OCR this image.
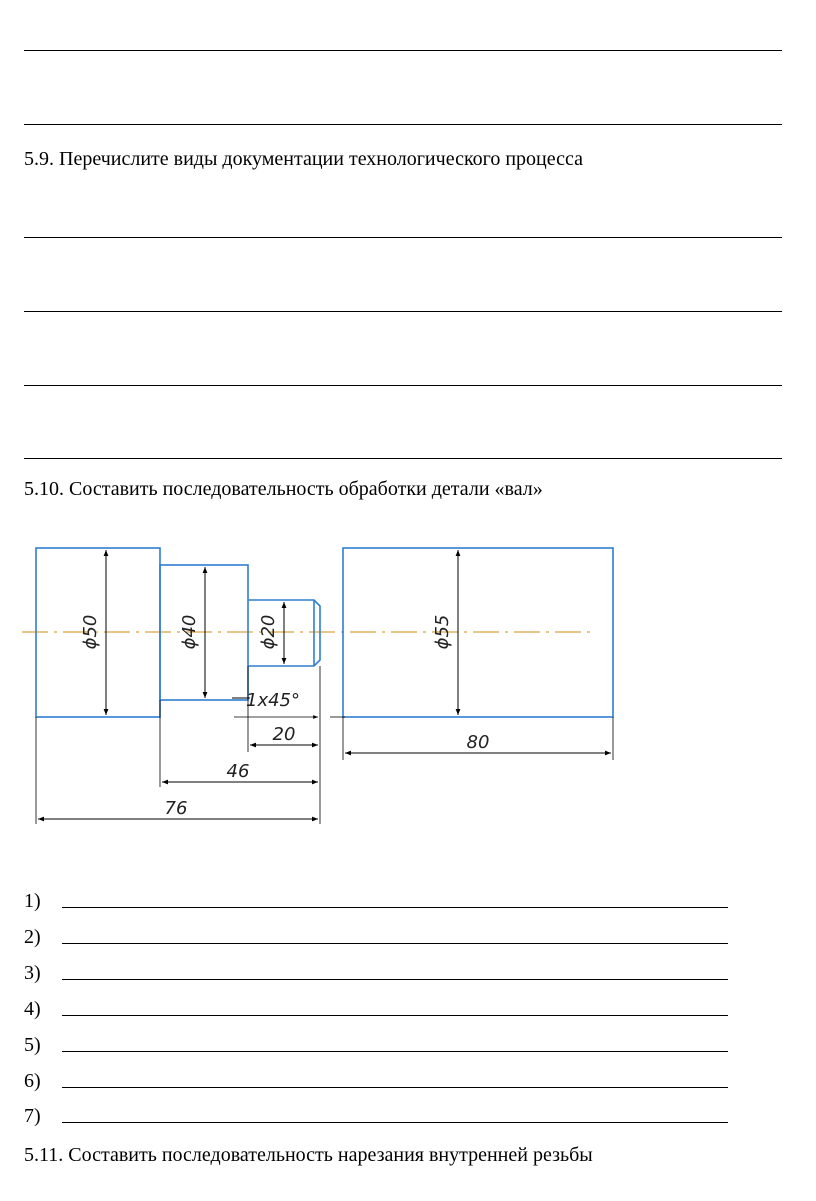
5.9. Перечислите виды документации технологического процесса
5.10. Составить последовательность обработки детали «вал»
ϕ50	ϕ40	ϕ20	ϕ55
1x45°
20
46
76
80
1)
2)
3)
4)
5)
6)
7)
5.11. Составить последовательность нарезания внутренней резьбы
